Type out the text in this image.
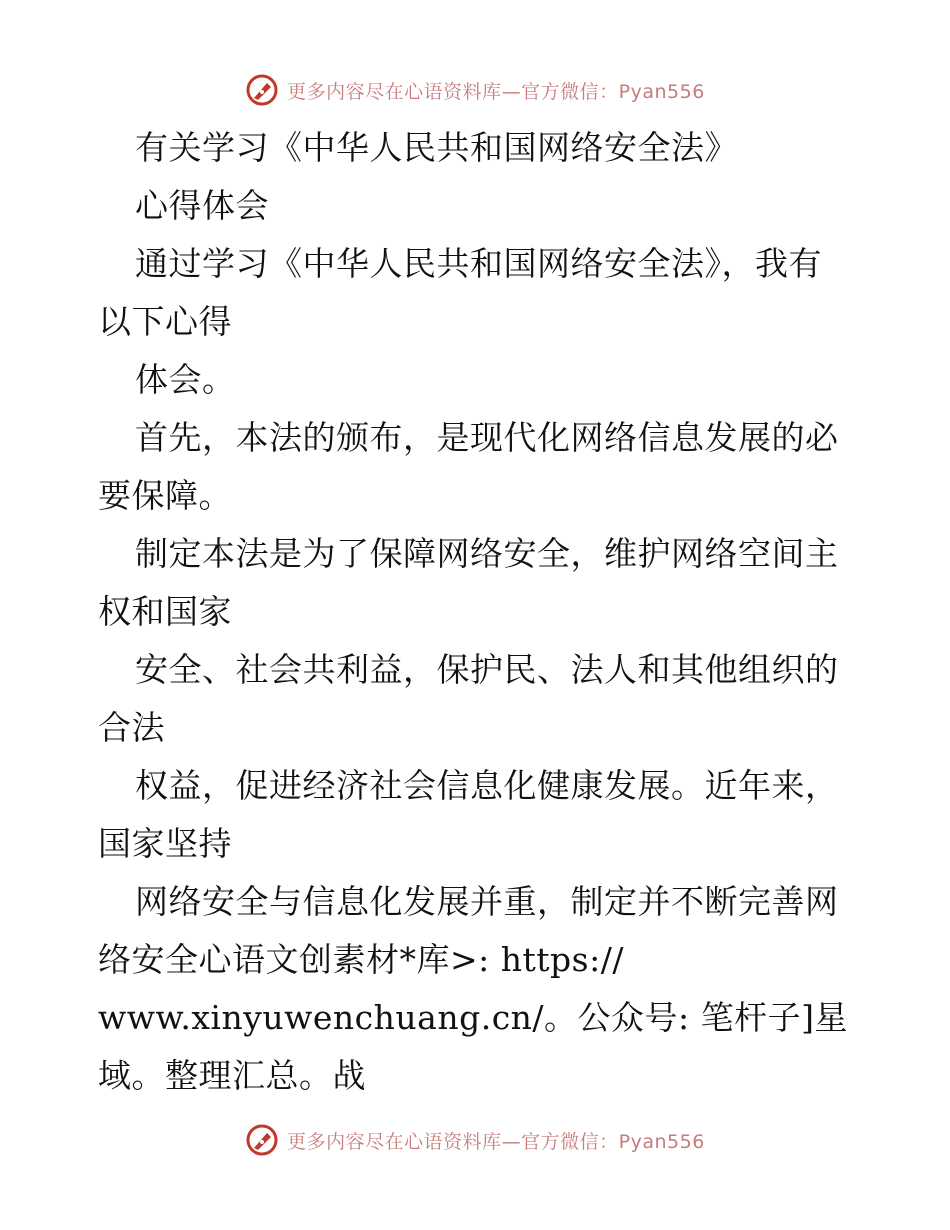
更多内容尽在心语资料库—官方微信：Pyan556
有关学习《中华人民共和国网络安全法》
心得体会
通过学习《中华人民共和国网络安全法》，我有
以下心得
体会。
首先，本法的颁布，是现代化网络信息发展的必
要保障。
制定本法是为了保障网络安全，维护网络空间主
权和国家
安全、社会共利益，保护民、法人和其他组织的
合法
权益，促进经济社会信息化健康发展。近年来，
国家坚持
网络安全与信息化发展并重，制定并不断完善网
络安全心语文创素材*库>: https://
www.xinyuwenchuang.cn/。公众号: 笔杆子]星
域。整理汇总。战
更多内容尽在心语资料库—官方微信：Pyan556
